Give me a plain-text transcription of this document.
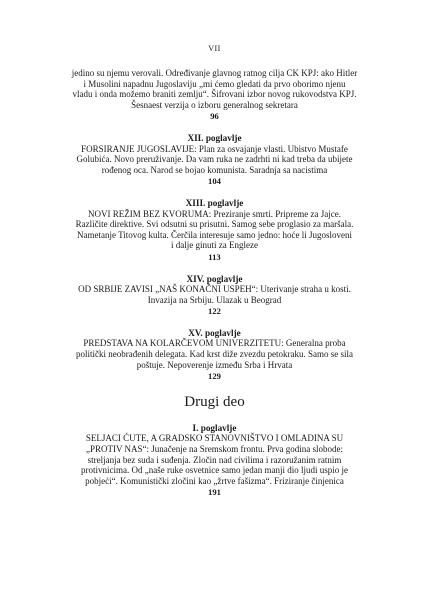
VII
jedino su njemu verovali. Određivanje glavnog ratnog cilja CK KPJ: ako Hitler
i Musolini napadnu Jugoslaviju „mi ćemo gledati da prvo oborimo njenu
vladu i onda možemo braniti zemlju“. Šifrovani izbor novog rukovodstva KPJ.
Šesnaest verzija o izboru generalnog sekretara
96
XII. poglavlje
FORSIRANJE JUGOSLAVIJE: Plan za osvajanje vlasti. Ubistvo Mustafe
Golubića. Novo preruživanje. Da vam ruka ne zadrhti ni kad treba da ubijete
rođenog oca. Narod se bojao komunista. Saradnja sa nacistima
104
XIII. poglavlje
NOVI REŽIM BEZ KVORUMA: Preziranje smrti. Pripreme za Jajce.
Različite direktive. Svi odsutni su prisutni. Samog sebe proglasio za maršala.
Nametanje Titovog kulta. Čerčila interesuje samo jedno: hoće li Jugosloveni
i dalje ginuti za Engleze
113
XIV. poglavlje
OD SRBIJE ZAVISI „NAŠ KONAČNI USPEH“: Uterivanje straha u kosti.
Invazija na Srbiju. Ulazak u Beograd
122
XV. poglavlje
PREDSTAVA NA KOLARČEVOM UNIVERZITETU: Generalna proba
politički neobrađenih delegata. Kad krst diže zvezdu petokraku. Samo se sila
poštuje. Nepoverenje između Srba i Hrvata
129
Drugi deo
I. poglavlje
SELJACI ĆUTE, A GRADSKO STANOVNIŠTVO I OMLADINA SU
„PROTIV NAS“: Junačenje na Sremskom frontu. Prva godina slobode:
streljanja bez suda i suđenja. Zločin nad civilima i razoružanim ratnim
protivnicima. Od „naše ruke osvetnice samo jedan manji dio ljudi uspio je
pobjeći“. Komunistički zločini kao „žrtve fašizma“. Friziranje činjenica
191
